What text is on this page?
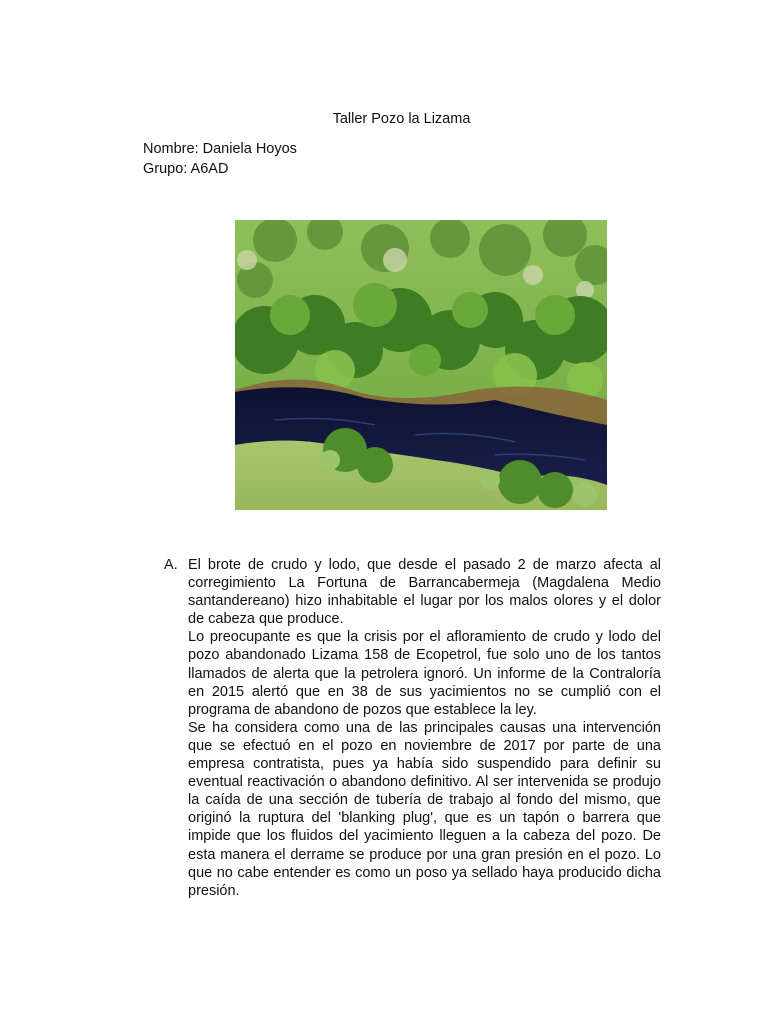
Taller Pozo la Lizama
Nombre: Daniela Hoyos
Grupo: A6AD
A. El brote de crudo y lodo, que desde el pasado 2 de marzo afecta al corregimiento La Fortuna de Barrancabermeja (Magdalena Medio santandereano) hizo inhabitable el lugar por los malos olores y el dolor de cabeza que produce.

Lo preocupante es que la crisis por el afloramiento de crudo y lodo del pozo abandonado Lizama 158 de Ecopetrol, fue solo uno de los tantos llamados de alerta que la petrolera ignoró. Un informe de la Contraloría en 2015 alertó que en 38 de sus yacimientos no se cumplió con el programa de abandono de pozos que establece la ley.

Se ha considera como una de las principales causas una intervención que se efectuó en el pozo en noviembre de 2017 por parte de una empresa contratista, pues ya había sido suspendido para definir su eventual reactivación o abandono definitivo. Al ser intervenida se produjo la caída de una sección de tubería de trabajo al fondo del mismo, que originó la ruptura del 'blanking plug', que es un tapón o barrera que impide que los fluidos del yacimiento lleguen a la cabeza del pozo. De esta manera el derrame se produce por una gran presión en el pozo. Lo que no cabe entender es como un poso ya sellado haya producido dicha presión.
